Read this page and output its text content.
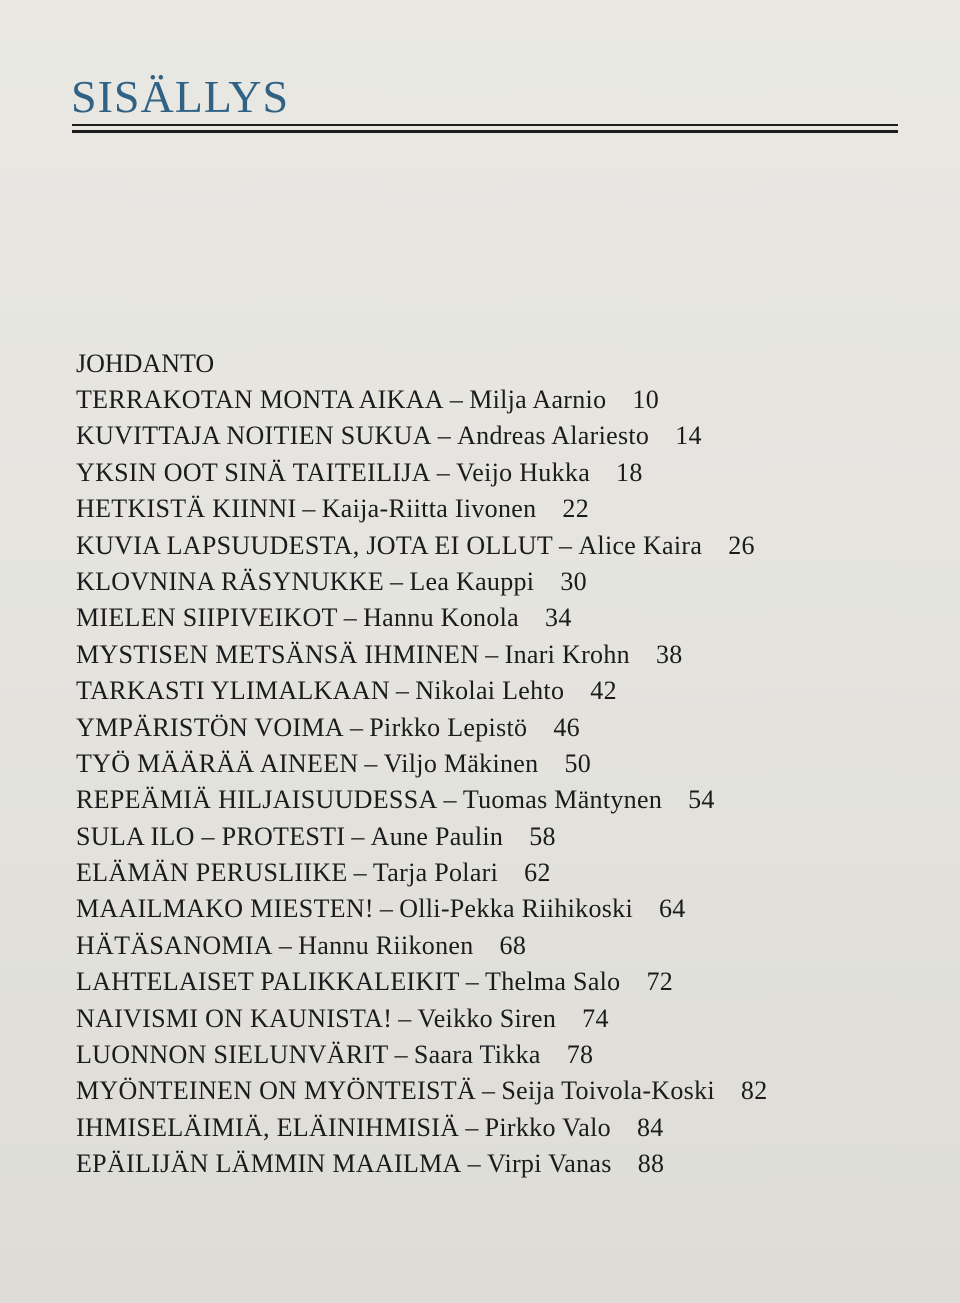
SISÄLLYS
JOHDANTO
TERRAKOTAN MONTA AIKAA – Milja Aarnio 10
KUVITTAJA NOITIEN SUKUA – Andreas Alariesto 14
YKSIN OOT SINÄ TAITEILIJA – Veijo Hukka 18
HETKISTÄ KIINNI – Kaija-Riitta Iivonen 22
KUVIA LAPSUUDESTA, JOTA EI OLLUT – Alice Kaira 26
KLOVNINA RÄSYNUKKE – Lea Kauppi 30
MIELEN SIIPIVEIKOT – Hannu Konola 34
MYSTISEN METSÄNSÄ IHMINEN – Inari Krohn 38
TARKASTI YLIMALKAAN – Nikolai Lehto 42
YMPÄRISTÖN VOIMA – Pirkko Lepistö 46
TYÖ MÄÄRÄÄ AINEEN – Viljo Mäkinen 50
REPEÄMIÄ HILJAISUUDESSA – Tuomas Mäntynen 54
SULA ILO – PROTESTI – Aune Paulin 58
ELÄMÄN PERUSLIIKE – Tarja Polari 62
MAAILMAKO MIESTEN! – Olli-Pekka Riihikoski 64
HÄTÄSANOMIA – Hannu Riikonen 68
LAHTELAISET PALIKKALEIKIT – Thelma Salo 72
NAIVISMI ON KAUNISTA! – Veikko Siren 74
LUONNON SIELUNVÄRIT – Saara Tikka 78
MYÖNTEINEN ON MYÖNTEISTÄ – Seija Toivola-Koski 82
IHMISELÄIMIÄ, ELÄINIHMISIÄ – Pirkko Valo 84
EPÄILIJÄN LÄMMIN MAAILMA – Virpi Vanas 88
